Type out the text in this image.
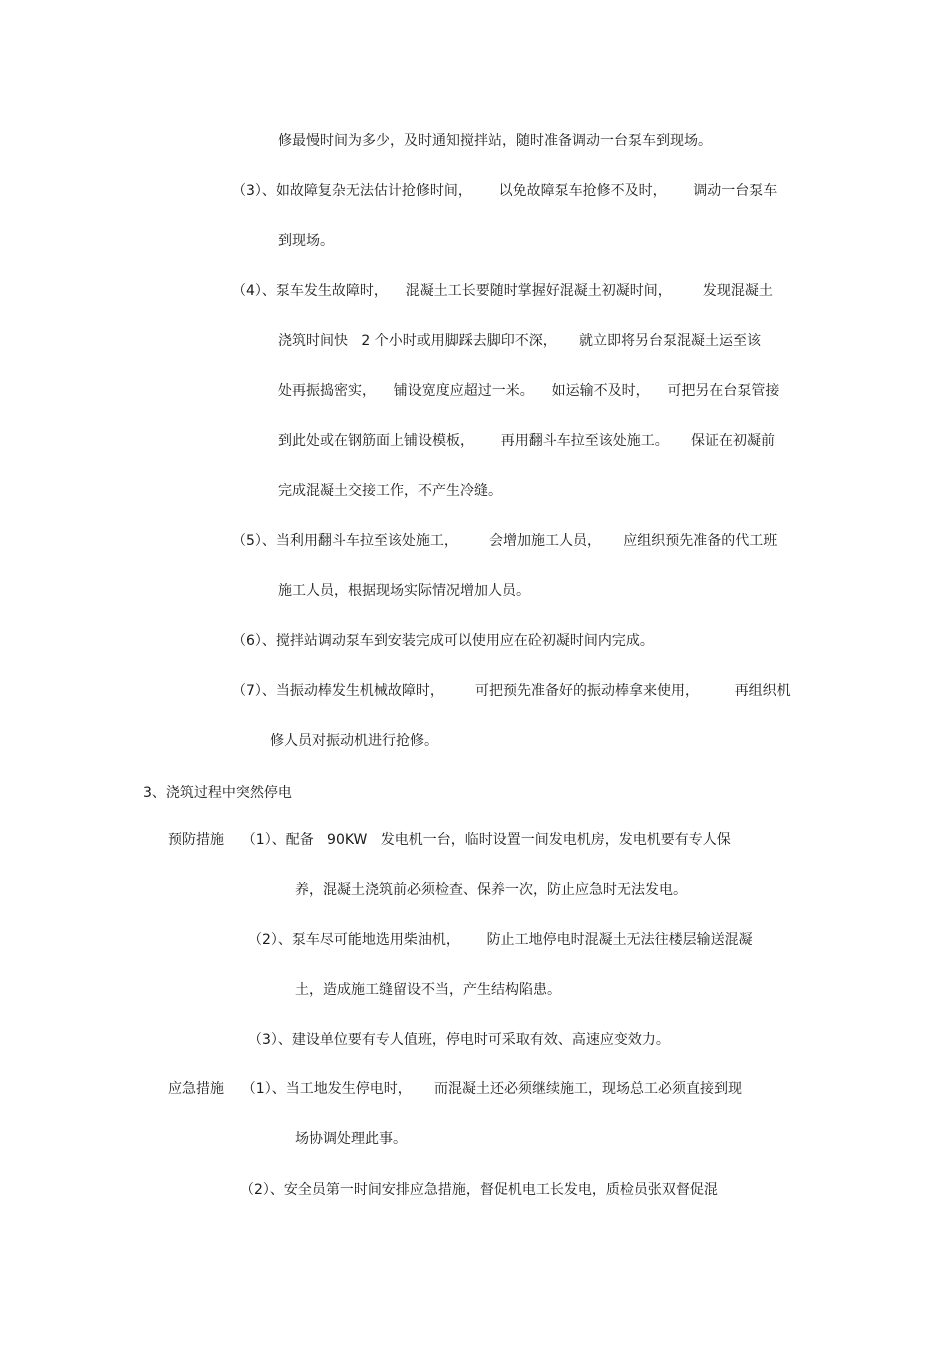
修最慢时间为多少，及时通知搅拌站，随时准备调动一台泵车到现场。
（3）、如故障复杂无法估计抢修时间，      以免故障泵车抢修不及时，      调动一台泵车
到现场。
（4）、泵车发生故障时，    混凝土工长要随时掌握好混凝土初凝时间，       发现混凝土
浇筑时间快   2 个小时或用脚踩去脚印不深，     就立即将另台泵混凝土运至该
处再振捣密实，    铺设宽度应超过一米。    如运输不及时，    可把另在台泵管接
到此处或在钢筋面上铺设模板，      再用翻斗车拉至该处施工。     保证在初凝前
完成混凝土交接工作，不产生冷缝。
（5）、当利用翻斗车拉至该处施工，       会增加施工人员，     应组织预先准备的代工班
施工人员，根据现场实际情况增加人员。
（6）、搅拌站调动泵车到安装完成可以使用应在砼初凝时间内完成。
（7）、当振动棒发生机械故障时，       可把预先准备好的振动棒拿来使用，        再组织机
修人员对振动机进行抢修。
3、浇筑过程中突然停电
预防措施    （1）、配备   90KW   发电机一台，临时设置一间发电机房，发电机要有专人保
养，混凝土浇筑前必须检查、保养一次，防止应急时无法发电。
（2）、泵车尽可能地选用柴油机，      防止工地停电时混凝土无法往楼层输送混凝
土，造成施工缝留设不当，产生结构陷患。
（3）、建设单位要有专人值班，停电时可采取有效、高速应变效力。
应急措施    （1）、当工地发生停电时，     而混凝土还必须继续施工，现场总工必须直接到现
场协调处理此事。
（2）、安全员第一时间安排应急措施，督促机电工长发电，质检员张双督促混
